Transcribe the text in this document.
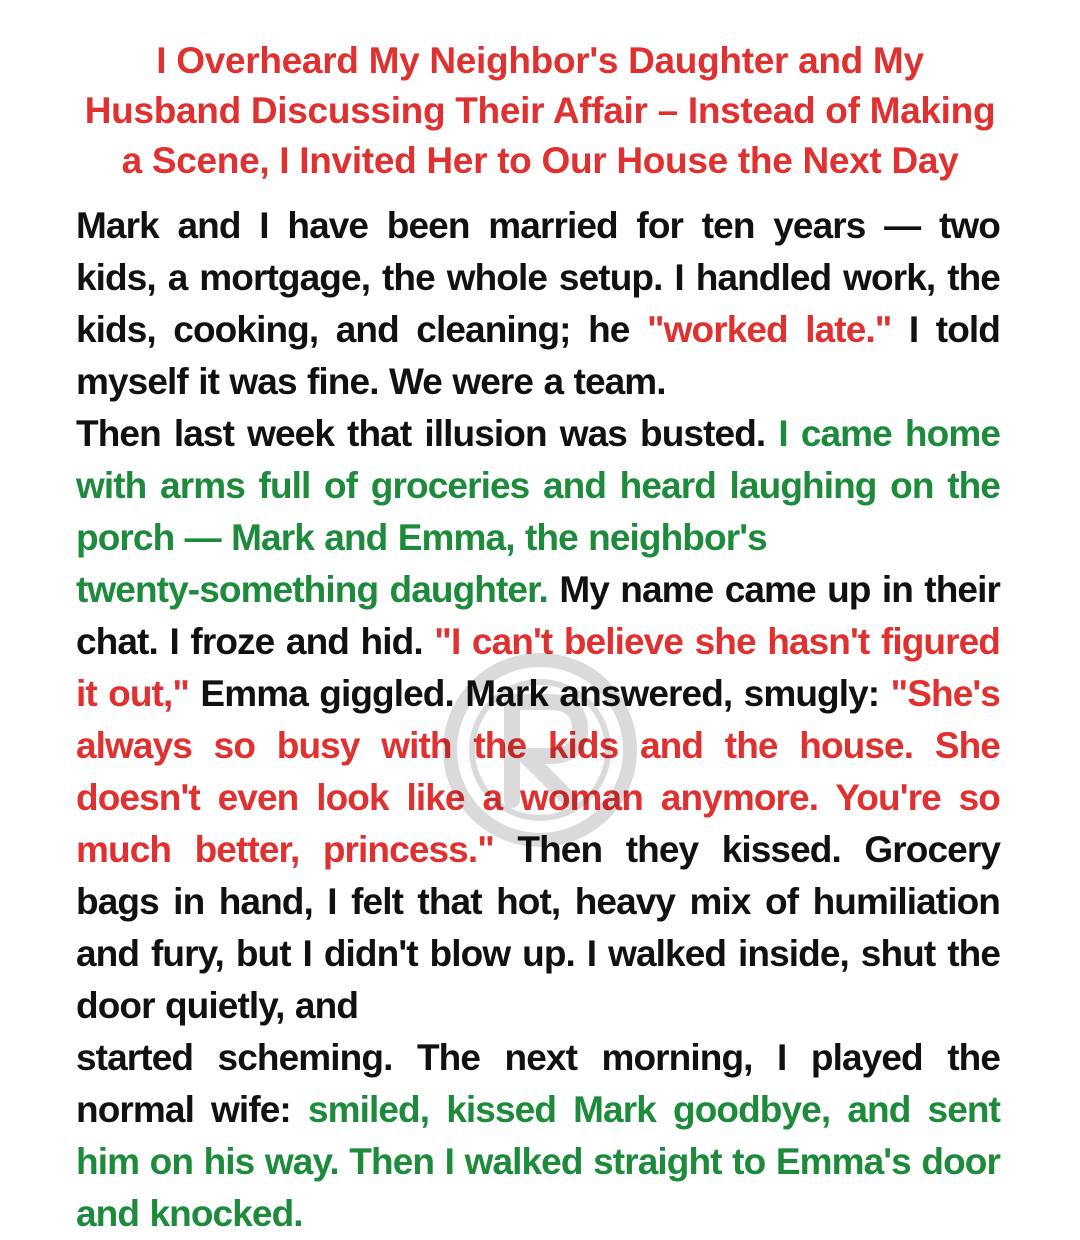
I Overheard My Neighbor's Daughter and My
Husband Discussing Their Affair – Instead of Making
a Scene, I Invited Her to Our House the Next Day

Mark and I have been married for ten years — two kids, a mortgage, the whole setup. I handled work, the kids, cooking, and cleaning; he "worked late." I told myself it was fine. We were a team.
Then last week that illusion was busted. I came home with arms full of groceries and heard laughing on the porch — Mark and Emma, the neighbor's
twenty-something daughter. My name came up in their chat. I froze and hid. "I can't believe she hasn't figured it out," Emma giggled. Mark answered, smugly: "She's always so busy with the kids and the house. She doesn't even look like a woman anymore. You're so much better, princess." Then they kissed. Grocery bags in hand, I felt that hot, heavy mix of humiliation and fury, but I didn't blow up. I walked inside, shut the door quietly, and
started scheming. The next morning, I played the normal wife: smiled, kissed Mark goodbye, and sent him on his way. Then I walked straight to Emma's door and knocked.
